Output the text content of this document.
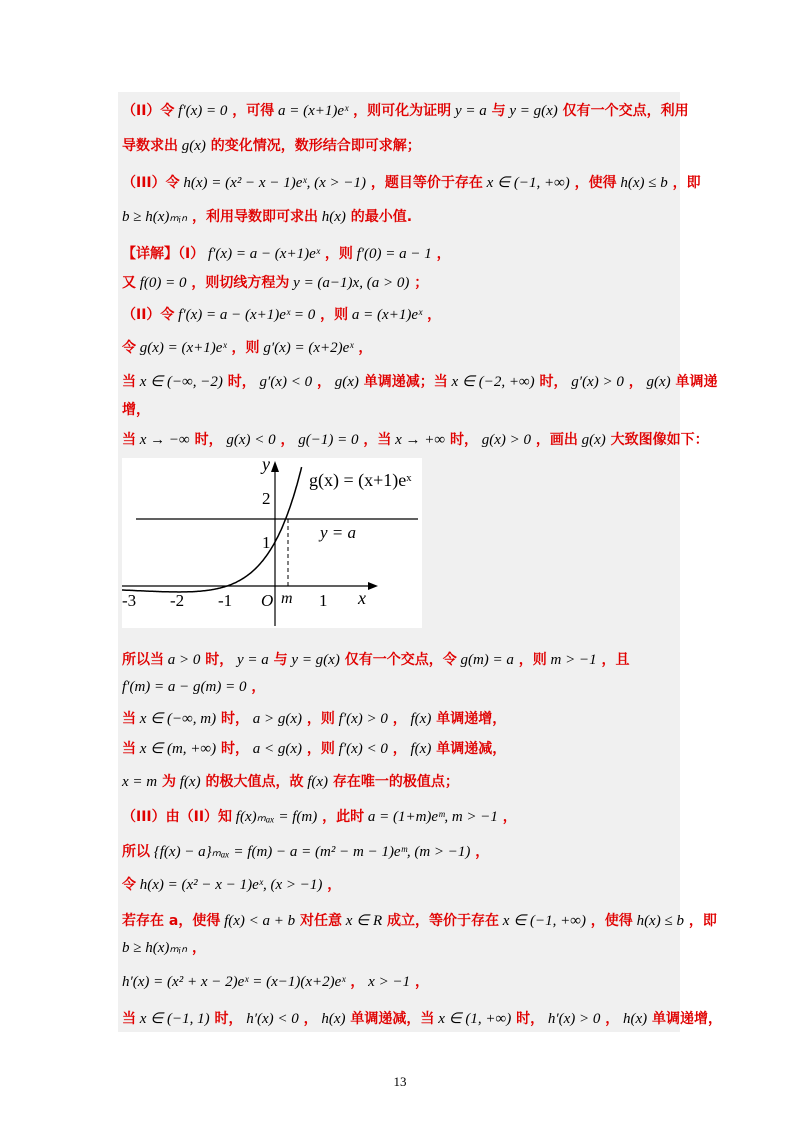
（II）令 f′(x) = 0 ，可得 a = (x+1)eˣ ，则可化为证明 y = a 与 y = g(x) 仅有一个交点，利用
导数求出 g(x) 的变化情况，数形结合即可求解；
（III）令 h(x) = (x² − x − 1)eˣ, (x > −1) ，题目等价于存在 x ∈ (−1, +∞) ，使得 h(x) ≤ b ，即
b ≥ h(x)ₘᵢₙ ，利用导数即可求出 h(x) 的最小值.
【详解】（I） f′(x) = a − (x+1)eˣ ，则 f′(0) = a − 1 ，
又 f(0) = 0 ，则切线方程为 y = (a−1)x, (a > 0) ；
（II）令 f′(x) = a − (x+1)eˣ = 0 ，则 a = (x+1)eˣ ，
令 g(x) = (x+1)eˣ ，则 g′(x) = (x+2)eˣ ，
当 x ∈ (−∞, −2) 时， g′(x) < 0 ， g(x) 单调递减；当 x ∈ (−2, +∞) 时， g′(x) > 0 ， g(x) 单调递
增，
当 x → −∞ 时， g(x) < 0 ， g(−1) = 0 ，当 x → +∞ 时， g(x) > 0 ，画出 g(x) 大致图像如下：
所以当 a > 0 时， y = a 与 y = g(x) 仅有一个交点，令 g(m) = a ，则 m > −1 ，且
f′(m) = a − g(m) = 0 ，
当 x ∈ (−∞, m) 时， a > g(x) ，则 f′(x) > 0 ， f(x) 单调递增，
当 x ∈ (m, +∞) 时， a < g(x) ，则 f′(x) < 0 ， f(x) 单调递减，
x = m 为 f(x) 的极大值点，故 f(x) 存在唯一的极值点；
（III）由（II）知 f(x)ₘₐₓ = f(m) ，此时 a = (1+m)eᵐ, m > −1 ，
所以 {f(x) − a}ₘₐₓ = f(m) − a = (m² − m − 1)eᵐ, (m > −1) ，
令 h(x) = (x² − x − 1)eˣ, (x > −1) ，
若存在 a，使得 f(x) < a + b 对任意 x ∈ R 成立，等价于存在 x ∈ (−1, +∞) ，使得 h(x) ≤ b ，即
b ≥ h(x)ₘᵢₙ ，
h′(x) = (x² + x − 2)eˣ = (x−1)(x+2)eˣ ， x > −1 ，
当 x ∈ (−1, 1) 时， h′(x) < 0 ， h(x) 单调递减，当 x ∈ (1, +∞) 时， h′(x) > 0 ， h(x) 单调递增，
-3 -2 -1	1
1
2
y
x
O m
g(x) = (x+1)eˣ
y = a
13
